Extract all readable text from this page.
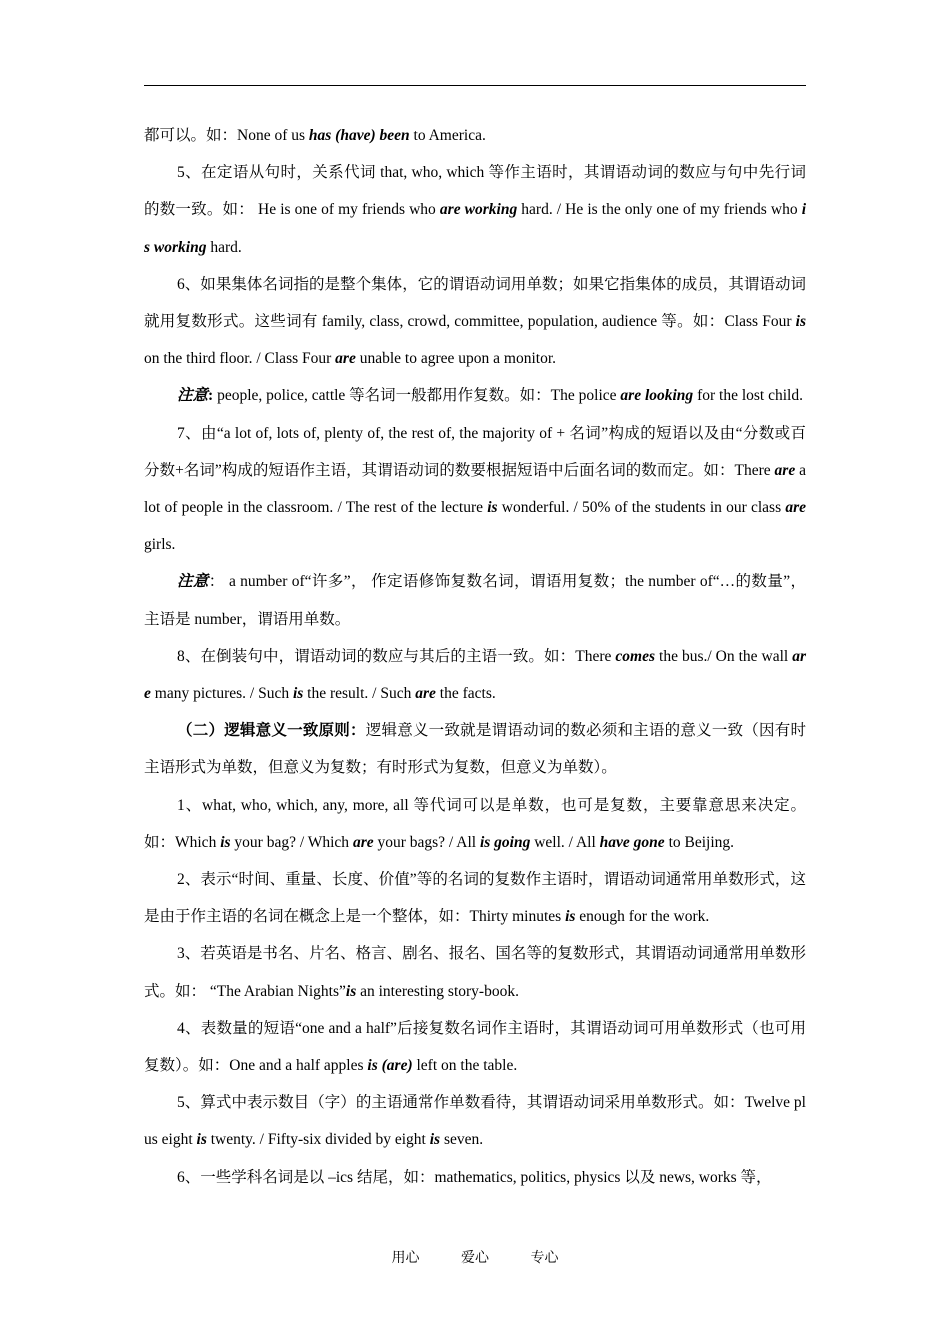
都可以。如：None of us has (have) been to America.

5、在定语从句时，关系代词 that, who, which 等作主语时，其谓语动词的数应与句中先行词的数一致。如： He is one of my friends who are working hard. / He is the only one of my friends who is working hard.

6、如果集体名词指的是整个集体，它的谓语动词用单数；如果它指集体的成员，其谓语动词就用复数形式。这些词有 family, class, crowd, committee, population, audience 等。如：Class Four is on the third floor. / Class Four are unable to agree upon a monitor.

注意: people, police, cattle 等名词一般都用作复数。如：The police are looking for the lost child.

7、由“a lot of, lots of, plenty of, the rest of, the majority of + 名词”构成的短语以及由“分数或百分数+名词”构成的短语作主语，其谓语动词的数要根据短语中后面名词的数而定。如：There are a lot of people in the classroom. / The rest of the lecture is wonderful. / 50% of the students in our class are girls.

注意： a number of“许多”， 作定语修饰复数名词，谓语用复数；the number of“…的数量”，主语是 number，谓语用单数。

8、在倒装句中，谓语动词的数应与其后的主语一致。如：There comes the bus./ On the wall are many pictures. / Such is the result. / Such are the facts.

（二）逻辑意义一致原则：逻辑意义一致就是谓语动词的数必须和主语的意义一致（因有时主语形式为单数，但意义为复数；有时形式为复数，但意义为单数）。

1、what, who, which, any, more, all 等代词可以是单数，也可是复数，主要靠意思来决定。如：Which is your bag? / Which are your bags? / All is going well. / All have gone to Beijing.

2、表示“时间、重量、长度、价值”等的名词的复数作主语时，谓语动词通常用单数形式，这是由于作主语的名词在概念上是一个整体，如：Thirty minutes is enough for the work.

3、若英语是书名、片名、格言、剧名、报名、国名等的复数形式，其谓语动词通常用单数形式。如： “The Arabian Nights”is an interesting story-book.

4、表数量的短语“one and a half”后接复数名词作主语时，其谓语动词可用单数形式（也可用复数）。如：One and a half apples is (are) left on the table.

5、算式中表示数目（字）的主语通常作单数看待，其谓语动词采用单数形式。如：Twelve plus eight is twenty. / Fifty-six divided by eight is seven.

6、一些学科名词是以 –ics 结尾，如：mathematics, politics, physics 以及 news, works 等，

用心	爱心	专心
